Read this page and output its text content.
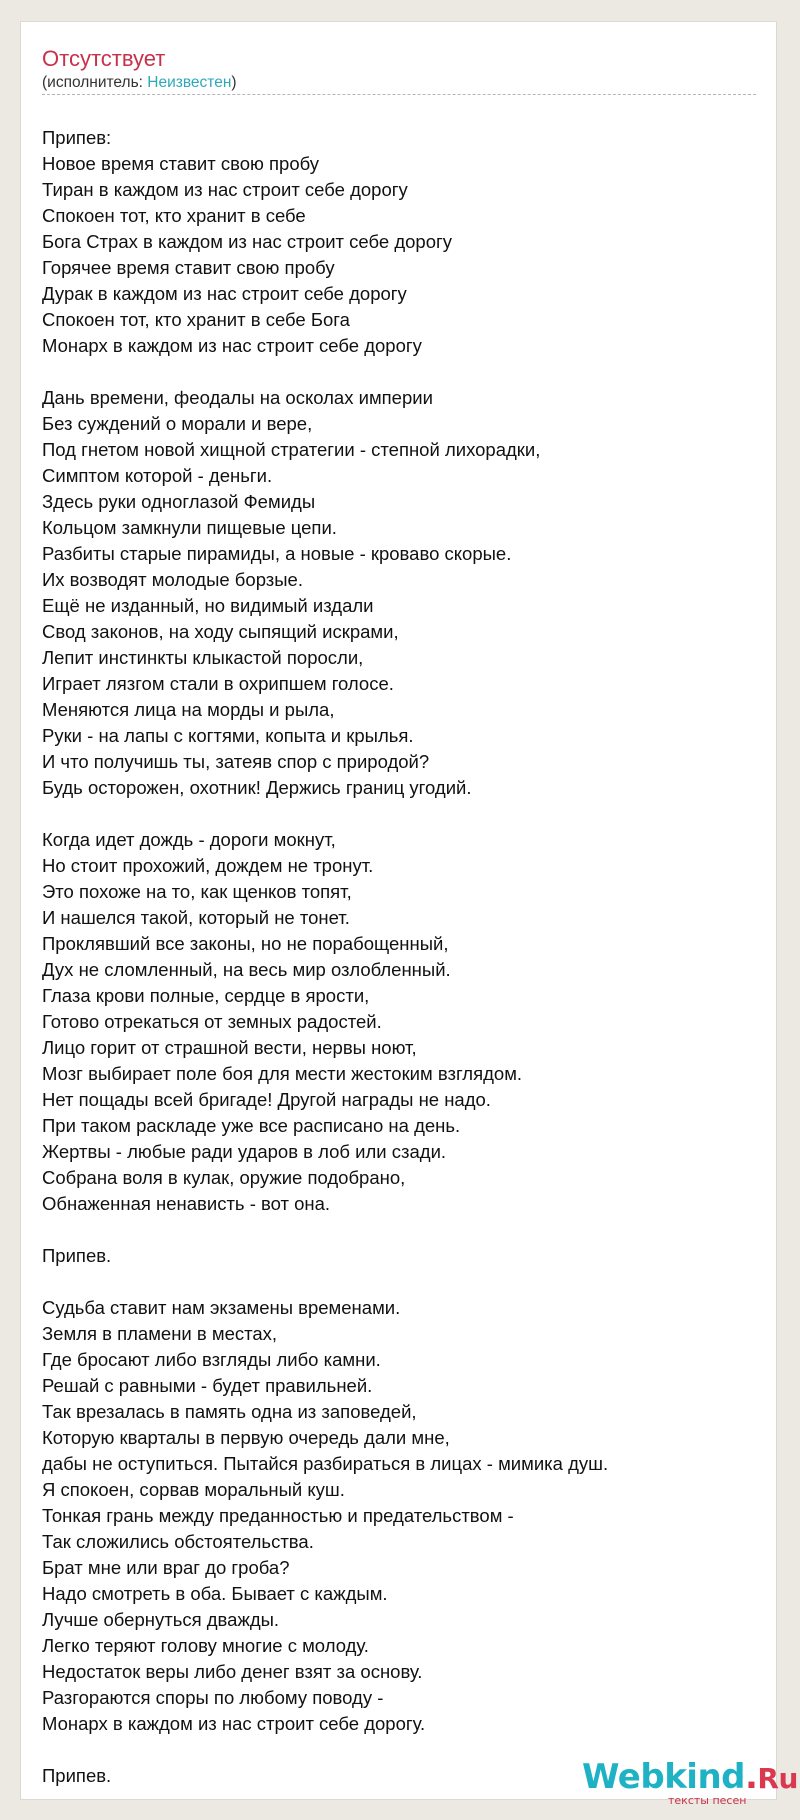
Отсутствует
(исполнитель: Неизвестен)
Припев:
Новое время ставит свою пробу
Тиран в каждом из нас строит себе дорогу
Спокоен тот, кто хранит в себе
Бога Страх в каждом из нас строит себе дорогу
Горячее время ставит свою пробу
Дурак в каждом из нас строит себе дорогу
Спокоен тот, кто хранит в себе Бога
Монарх в каждом из нас строит себе дорогу
Дань времени, феодалы на осколах империи
Без суждений о морали и вере,
Под гнетом новой хищной стратегии - степной лихорадки,
Симптом которой - деньги.
Здесь руки одноглазой Фемиды
Кольцом замкнули пищевые цепи.
Разбиты старые пирамиды, а новые - кроваво скорые.
Их возводят молодые борзые.
Ещё не изданный, но видимый издали
Свод законов, на ходу сыпящий искрами,
Лепит инстинкты клыкастой поросли,
Играет лязгом стали в охрипшем голосе.
Меняются лица на морды и рыла,
Руки - на лапы с когтями, копыта и крылья.
И что получишь ты, затеяв спор с природой?
Будь осторожен, охотник! Держись границ угодий.
Когда идет дождь - дороги мокнут,
Но стоит прохожий, дождем не тронут.
Это похоже на то, как щенков топят,
И нашелся такой, который не тонет.
Проклявший все законы, но не порабощенный,
Дух не сломленный, на весь мир озлобленный.
Глаза крови полные, сердце в ярости,
Готово отрекаться от земных радостей.
Лицо горит от страшной вести, нервы ноют,
Мозг выбирает поле боя для мести жестоким взглядом.
Нет пощады всей бригаде! Другой награды не надо.
При таком раскладе уже все расписано на день.
Жертвы - любые ради ударов в лоб или сзади.
Собрана воля в кулак, оружие подобрано,
Обнаженная ненависть - вот она.
Припев.
Судьба ставит нам экзамены временами.
Земля в пламени в местах,
Где бросают либо взгляды либо камни.
Решай с равными - будет правильней.
Так врезалась в память одна из заповедей,
Которую кварталы в первую очередь дали мне,
дабы не оступиться. Пытайся разбираться в лицах - мимика душ.
Я спокоен, сорвав моральный куш.
Тонкая грань между преданностью и предательством -
Так сложились обстоятельства.
Брат мне или враг до гроба?
Надо смотреть в оба. Бывает с каждым.
Лучше обернуться дважды.
Легко теряют голову многие с молоду.
Недостаток веры либо денег взят за основу.
Разгораются споры по любому поводу -
Монарх в каждом из нас строит себе дорогу.
Припев.	Webkind.Ru
тексты песен
